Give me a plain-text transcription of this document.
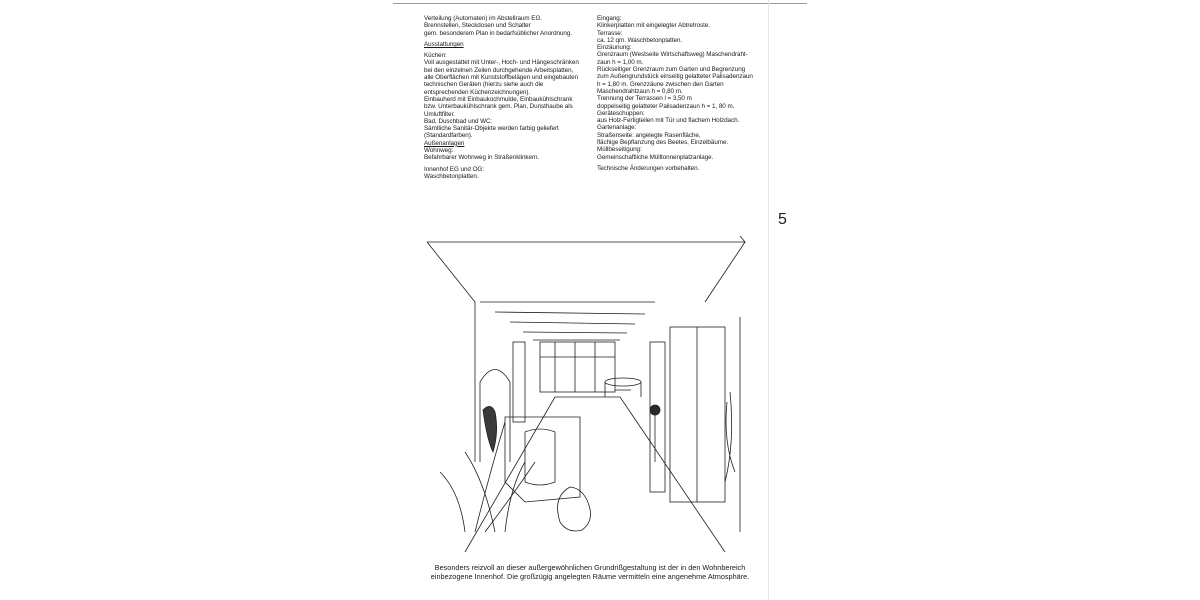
Verteilung (Automaten) im Abstellraum EG.

Brennstellen, Steckdosen und Schalter

gem. besonderem Plan in bedarfsüblicher Anordnung.

Ausstattungen

Küchen:

Voll ausgestattet mit Unter-, Hoch- und Hängeschränken

bei den einzelnen Zeilen durchgehende Arbeitsplatten,

alle Oberflächen mit Kunststoffbelägen und eingebauten

technischen Geräten (hierzu siehe auch die

entsprechenden Küchenzeichnungen).

Einbauherd mit Einbaukochmulde, Einbaukühlschrank

bzw. Unterbaukühlschrank gem. Plan, Dunsthaube als

Umluftfilter.

Bad, Duschbad und WC:

Sämtliche Sanitär-Objekte werden farbig geliefert

(Standardfarben).

Außenanlagen

Wohnweg:

Befahrbarer Wohnweg in Straßenklinkern.

Innenhof EG und OG:

Waschbetonplatten.

Eingang:

Klinkerplatten mit eingelegter Abtretroste.

Terrasse:

ca. 12 qm. Waschbetonplatten.

Einzäunung:

Grenzraum (Westseite Wirtschaftsweg) Maschendraht-

zaun h = 1,00 m.

Rückseitiger Grenzraum zum Garten und Begrenzung

zum Außengrundstück einseitig gelatteter Palisadenzaun

h = 1,80 m. Grenzzäune zwischen den Garten

Maschendrahtzaun h = 0,80 m.

Trennung der Terrassen l = 3,50 m

doppelseitig gelatteter Palisadenzaun h = 1, 80 m.

Geräteschuppen:

aus Holz-Fertigteilen mit Tür und flachem Holzdach.

Gartenanlage:

Straßenseite: angelegte Rasenfläche,

flächige Bepflanzung des Beetes, Einzelbäume.

Müllbeseitigung:

Gemeinschaftliche Mülltonnenplatzanlage.

Technische Änderungen vorbehalten.

5

Besonders reizvoll an dieser außergewöhnlichen Grundrißgestaltung ist der in den Wohnbereich

einbezogene Innenhof. Die großzügig angelegten Räume vermitteln eine angenehme Atmosphäre.
